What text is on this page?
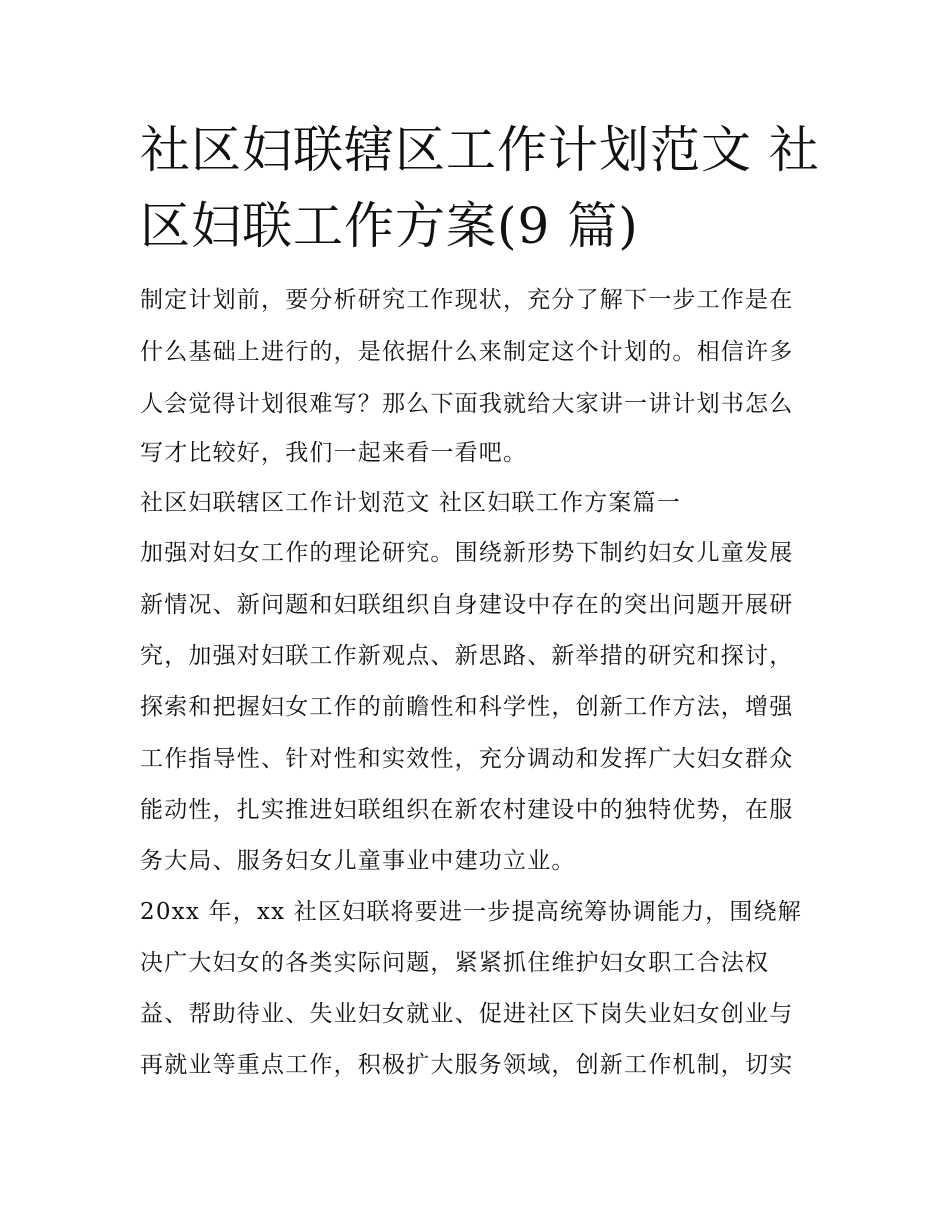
社区妇联辖区工作计划范文 社
区妇联工作方案(9 篇)

制定计划前，要分析研究工作现状，充分了解下一步工作是在

什么基础上进行的，是依据什么来制定这个计划的。相信许多

人会觉得计划很难写？那么下面我就给大家讲一讲计划书怎么

写才比较好，我们一起来看一看吧。

社区妇联辖区工作计划范文 社区妇联工作方案篇一

加强对妇女工作的理论研究。围绕新形势下制约妇女儿童发展

新情况、新问题和妇联组织自身建设中存在的突出问题开展研

究，加强对妇联工作新观点、新思路、新举措的研究和探讨，

探索和把握妇女工作的前瞻性和科学性，创新工作方法，增强

工作指导性、针对性和实效性，充分调动和发挥广大妇女群众

能动性，扎实推进妇联组织在新农村建设中的独特优势，在服

务大局、服务妇女儿童事业中建功立业。

20xx 年，xx 社区妇联将要进一步提高统筹协调能力，围绕解

决广大妇女的各类实际问题，紧紧抓住维护妇女职工合法权

益、帮助待业、失业妇女就业、促进社区下岗失业妇女创业与

再就业等重点工作，积极扩大服务领域，创新工作机制，切实
